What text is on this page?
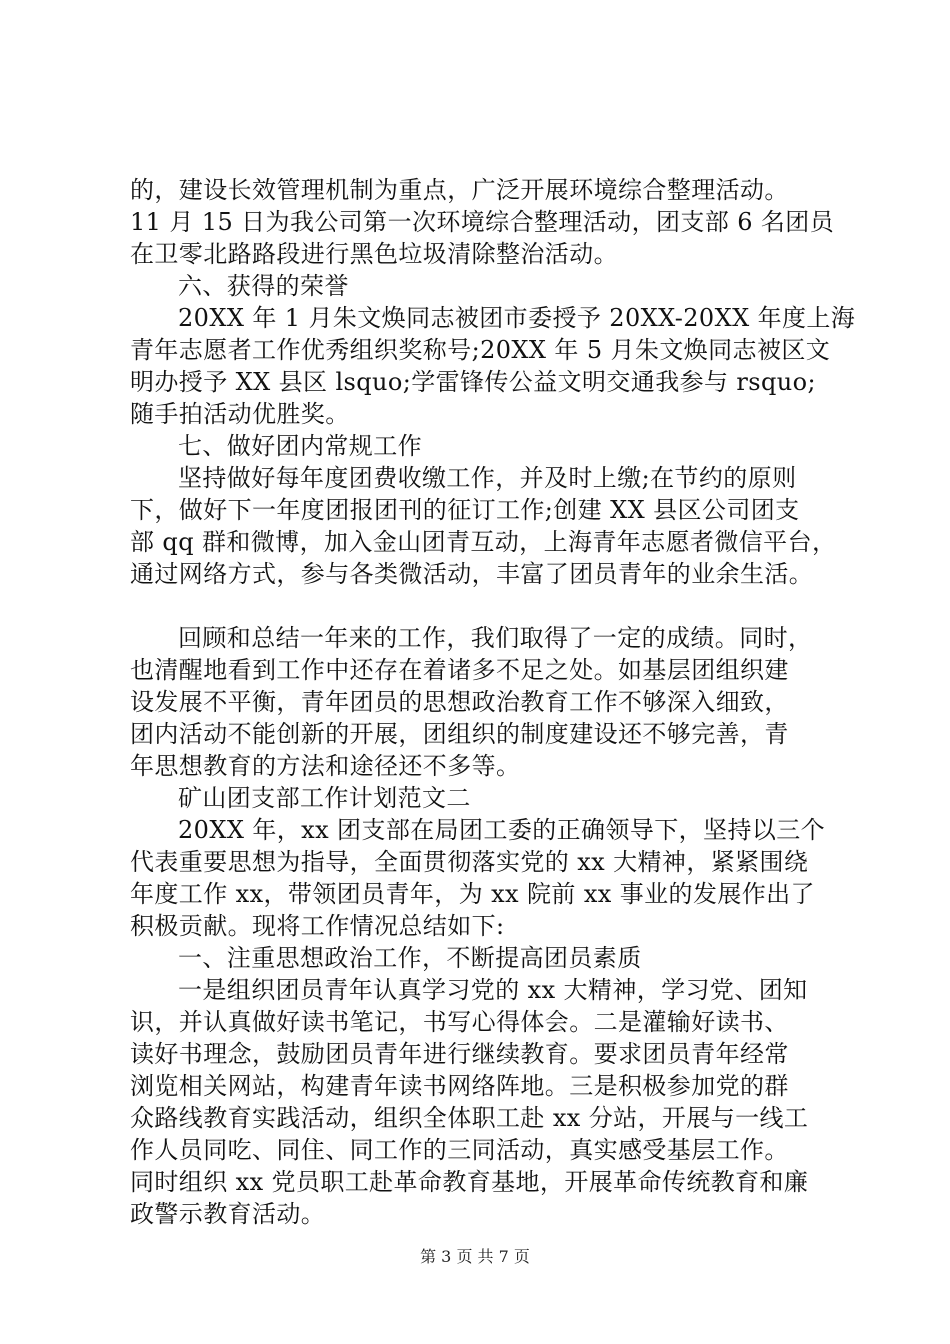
的，建设长效管理机制为重点，广泛开展环境综合整理活动。
11 月 15 日为我公司第一次环境综合整理活动，团支部 6 名团员
在卫零北路路段进行黑色垃圾清除整治活动。
六、获得的荣誉
20XX 年 1 月朱文焕同志被团市委授予 20XX-20XX 年度上海
青年志愿者工作优秀组织奖称号;20XX 年 5 月朱文焕同志被区文
明办授予 XX 县区 lsquo;学雷锋传公益文明交通我参与 rsquo;
随手拍活动优胜奖。
七、做好团内常规工作
坚持做好每年度团费收缴工作，并及时上缴;在节约的原则
下，做好下一年度团报团刊的征订工作;创建 XX 县区公司团支
部 qq 群和微博，加入金山团青互动，上海青年志愿者微信平台，
通过网络方式，参与各类微活动，丰富了团员青年的业余生活。
回顾和总结一年来的工作，我们取得了一定的成绩。同时，
也清醒地看到工作中还存在着诸多不足之处。如基层团组织建
设发展不平衡，青年团员的思想政治教育工作不够深入细致，
团内活动不能创新的开展，团组织的制度建设还不够完善，青
年思想教育的方法和途径还不多等。
矿山团支部工作计划范文二
20XX 年，xx 团支部在局团工委的正确领导下，坚持以三个
代表重要思想为指导，全面贯彻落实党的 xx 大精神，紧紧围绕
年度工作 xx，带领团员青年，为 xx 院前 xx 事业的发展作出了
积极贡献。现将工作情况总结如下:
一、注重思想政治工作，不断提高团员素质
一是组织团员青年认真学习党的 xx 大精神，学习党、团知
识，并认真做好读书笔记，书写心得体会。二是灌输好读书、
读好书理念，鼓励团员青年进行继续教育。要求团员青年经常
浏览相关网站，构建青年读书网络阵地。三是积极参加党的群
众路线教育实践活动，组织全体职工赴 xx 分站，开展与一线工
作人员同吃、同住、同工作的三同活动，真实感受基层工作。
同时组织 xx 党员职工赴革命教育基地，开展革命传统教育和廉
政警示教育活动。
第 3 页 共 7 页
